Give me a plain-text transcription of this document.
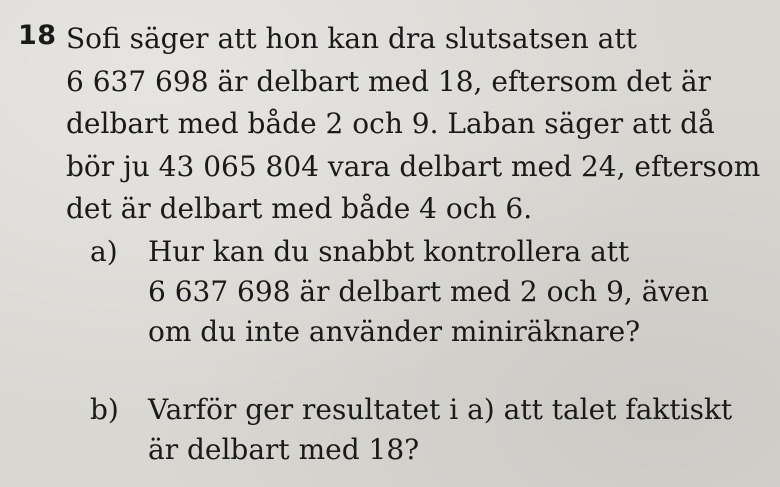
18 Sofi säger att hon kan dra slutsatsen att
6 637 698 är delbart med 18, eftersom det är
delbart med både 2 och 9. Laban säger att då
bör ju 43 065 804 vara delbart med 24, eftersom
det är delbart med både 4 och 6.
a) Hur kan du snabbt kontrollera att
6 637 698 är delbart med 2 och 9, även
om du inte använder miniräknare?
b) Varför ger resultatet i a) att talet faktiskt
är delbart med 18?
